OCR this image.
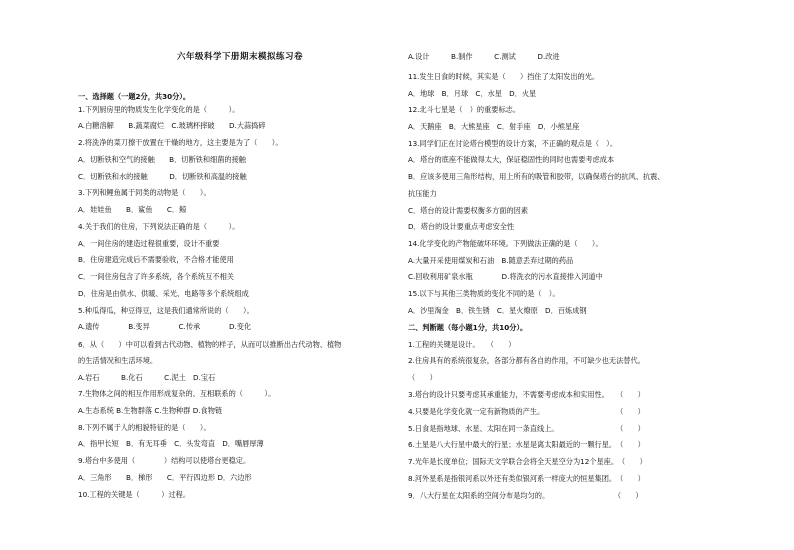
六年级科学下册期末模拟练习卷
一、选择题（一题2分，共30分）。
1.下列厨房里的物质发生化学变化的是（　　　）。
A.白糖溶解　　B.蔬菜腐烂　C.玻璃杯摔破　　D.大蒜捣碎
2.将洗净的菜刀擦干放置在干燥的地方，这主要是为了（　　）。
A．切断铁和空气的接触　　B．切断铁和细菌的接触
C．切断铁和水的接触　　　D．切断铁和高温的接触
3.下列和鲤鱼属于同类的动物是（　　）。
A．娃娃鱼　　B．鲨鱼　　C．鲸
4.关于我们的住房，下列说法正确的是（　　　）。
A．一间住房的建造过程很重要，设计不重要
B．住房建造完成后不需要验收，不合格才能使用
C．一间住房包含了许多系统，各个系统互不相关
D．住房是由供水、供暖、采光、电路等多个系统组成
5.种瓜得瓜，种豆得豆，这是我们通常所说的（　　）。
A.遗传　　　　B.变异　　　　C.传承　　　　D.变化
6．从（　　）中可以看到古代动物、植物的样子，从而可以推断出古代动物、植物
的生活情况和生活环境。
A.岩石　　　B.化石　　　C.泥土　D.宝石
7.生物体之间的相互作用形成复杂的、互相联系的（　　　）。
A.生态系统 B.生物群落 C.生物种群 D.食物链
8.下列不属于人的相貌特征的是（　　）。
A．指甲长短　B．有无耳垂　C．头发弯直　D．嘴唇厚薄
9.塔台中多使用（　　　　）结构可以使塔台更稳定。
A．三角形　　B．梯形　　C．平行四边形 D．六边形
10.工程的关键是（　　　）过程。
A.设计　　　B.制作　　　C.测试　　　D.改进
11.发生日食的时候，其实是（　　）挡住了太阳发出的光。
A．地球　B．月球　C．水星　D．火星
12.北斗七星是（　）的重要标志。
A．天鹅座　B．大熊星座　C．射手座　D．小熊星座
13.同学们正在讨论塔台模型的设计方案，不正确的观点是（　）。
A．塔台的底座不能做得太大，保证稳固性的同时也需要考虑成本
B．应该多使用三角形结构，用上所有的吸管和胶带，以确保塔台的抗风、抗震、
抗压能力
C．塔台的设计需要权衡多方面的因素
D．塔台的设计要重点考虑安全性
14.化学变化的产物能破坏环境。下列做法正确的是（　　）。
A.大量开采使用煤炭和石油　B.随意丢弃过期的药品
C.回收利用矿泉水瓶　　　　D.将洗衣的污水直接排入河道中
15.以下与其他三类物质的变化不同的是（　）。
A．沙里淘金　B．铁生锈　C．星火燎原　D．百炼成钢
二、判断题（每小题1分，共10分）。
1.工程的关键是设计。　　（　　）
2.住房具有的系统很复杂，各部分都有各自的作用，不可缺少也无法替代。
（　　）
3.塔台的设计只要考虑其承重能力，不需要考虑成本和实用性。　　（　　）
4.只要是化学变化就一定有新物质的产生。　　　　　　　　　　　（　　）
5.日食是指地球、水星、太阳在同一条直线上。　　　　　　　　　（　　）
6.土星是八大行星中最大的行星；水星是离太阳最近的一颗行星。　（　　）
7.光年是长度单位；国际天文学联合会将全天星空分为12个星座。　（　　）
8.河外星系是指银河系以外还有类似银河系一样庞大的恒星集团。　（　　）
9．八大行星在太阳系的空间分布是均匀的。　　　　　　　　　　（　　）
